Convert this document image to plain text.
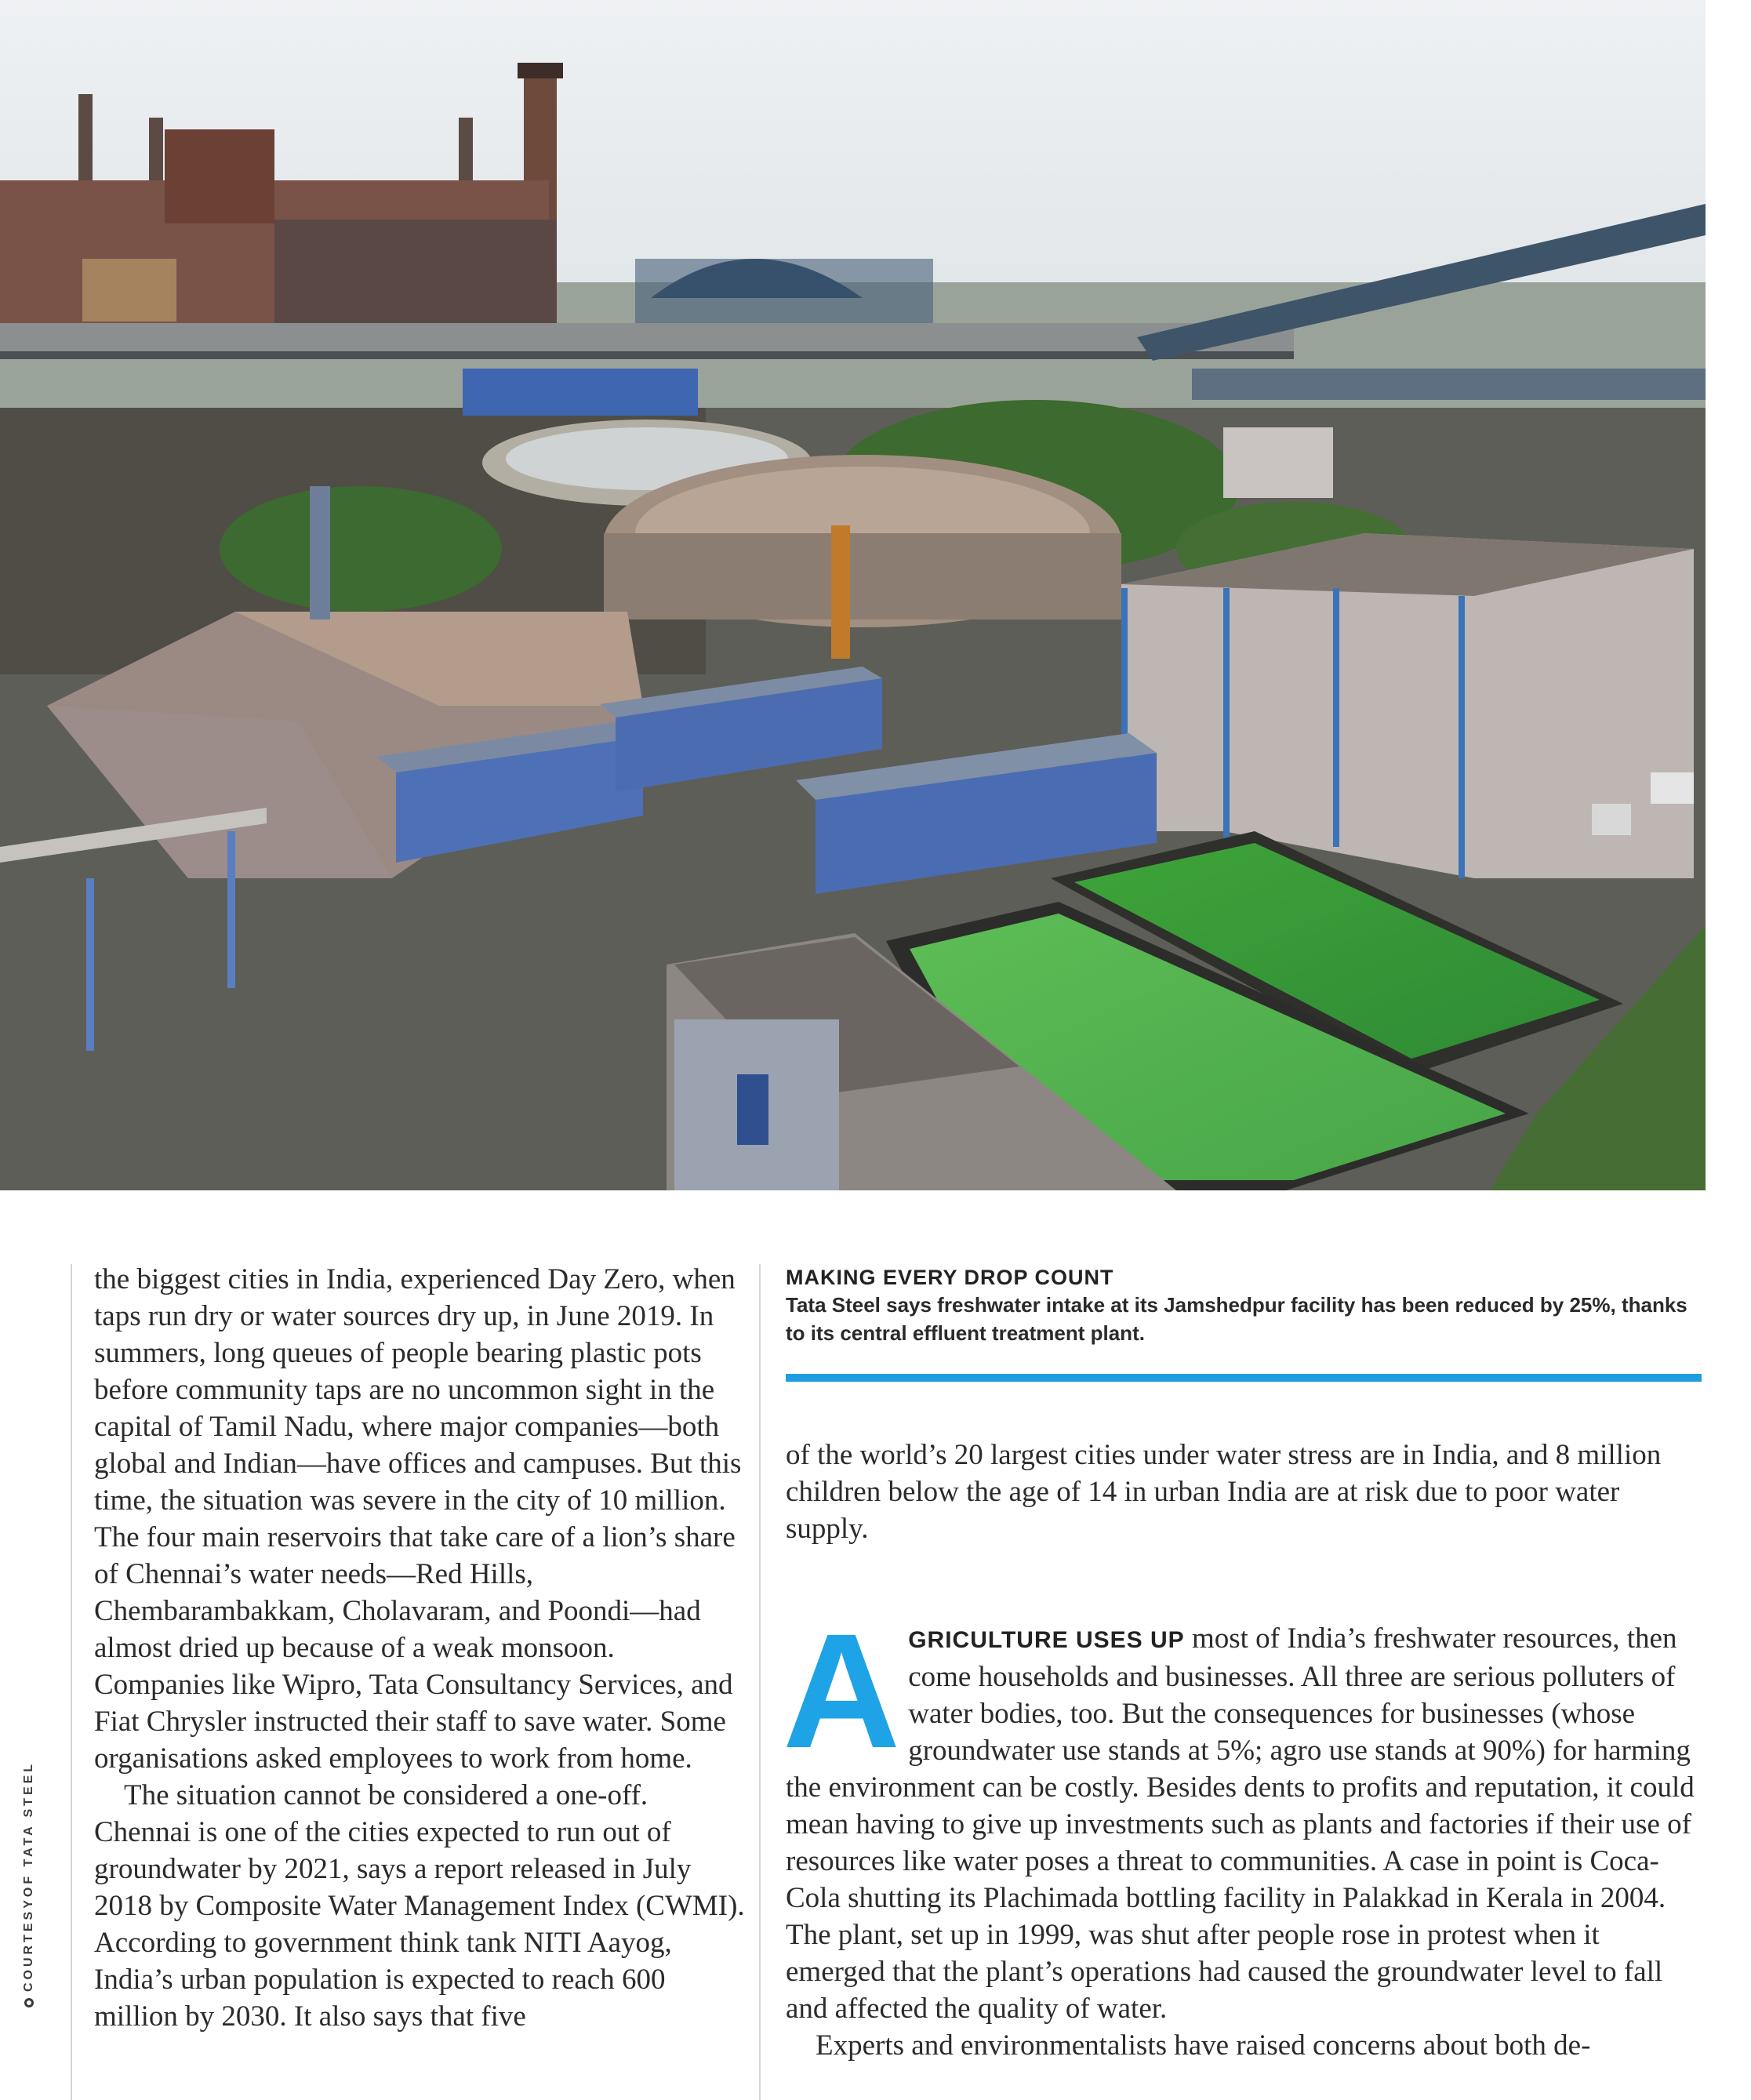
COURTESYOF TATA STEEL

the biggest cities in India, experienced Day Zero, when taps run dry or water sources dry up, in June 2019. In summers, long queues of people bearing plastic pots before community taps are no uncommon sight in the capital of Tamil Nadu, where major companies—both global and Indian—have offices and campuses. But this time, the situation was severe in the city of 10 million. The four main reservoirs that take care of a lion’s share of Chennai’s water needs—Red Hills, Chembarambakkam, Cholavaram, and Poondi—had almost dried up because of a weak monsoon. Companies like Wipro, Tata Consultancy Services, and Fiat Chrysler instructed their staff to save water. Some organisations asked employees to work from home.

The situation cannot be considered a one-off. Chennai is one of the cities expected to run out of groundwater by 2021, says a report released in July 2018 by Composite Water Management Index (CWMI). According to government think tank NITI Aayog, India’s urban population is expected to reach 600 million by 2030. It also says that five

MAKING EVERY DROP COUNT
Tata Steel says freshwater intake at its Jamshedpur facility has been reduced by 25%, thanks to its central effluent treatment plant.

of the world’s 20 largest cities under water stress are in India, and 8 million children below the age of 14 in urban India are at risk due to poor water supply.

AGRICULTURE USES UP most of India’s freshwater resources, then come households and businesses. All three are serious polluters of water bodies, too. But the consequences for businesses (whose groundwater use stands at 5%; agro use stands at 90%) for harming the environment can be costly. Besides dents to profits and reputation, it could mean having to give up investments such as plants and factories if their use of resources like water poses a threat to communities. A case in point is Coca-Cola shutting its Plachimada bottling facility in Palakkad in Kerala in 2004. The plant, set up in 1999, was shut after people rose in protest when it emerged that the plant’s operations had caused the groundwater level to fall and affected the quality of water.

Experts and environmentalists have raised concerns about both de-
